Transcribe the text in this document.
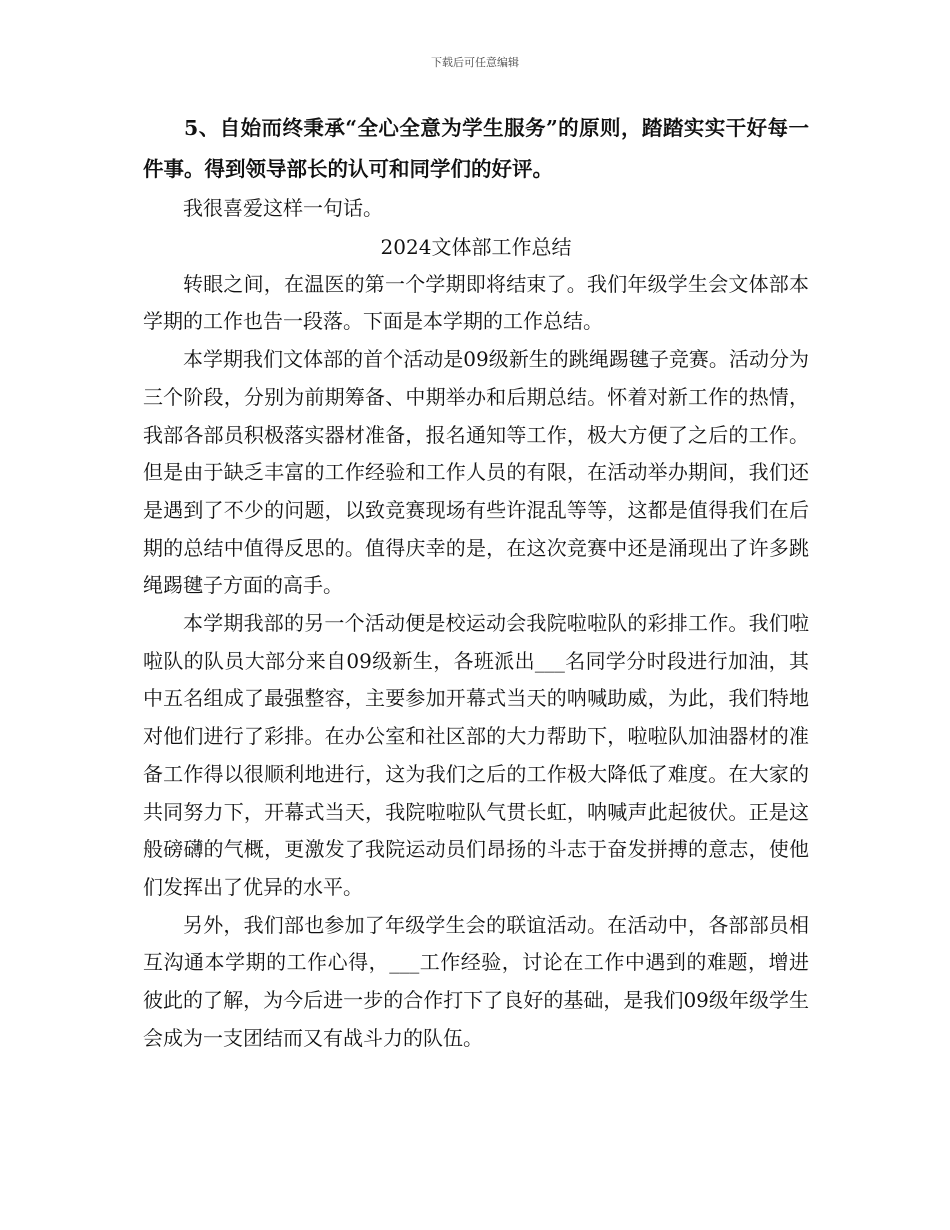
下载后可任意编辑

5、自始而终秉承“全心全意为学生服务”的原则，踏踏实实干好每一件事。得到领导部长的认可和同学们的好评。

我很喜爱这样一句话。

2024文体部工作总结

转眼之间，在温医的第一个学期即将结束了。我们年级学生会文体部本学期的工作也告一段落。下面是本学期的工作总结。

本学期我们文体部的首个活动是09级新生的跳绳踢毽子竞赛。活动分为三个阶段，分别为前期筹备、中期举办和后期总结。怀着对新工作的热情，我部各部员积极落实器材准备，报名通知等工作，极大方便了之后的工作。但是由于缺乏丰富的工作经验和工作人员的有限，在活动举办期间，我们还是遇到了不少的问题，以致竞赛现场有些许混乱等等，这都是值得我们在后期的总结中值得反思的。值得庆幸的是，在这次竞赛中还是涌现出了许多跳绳踢毽子方面的高手。

本学期我部的另一个活动便是校运动会我院啦啦队的彩排工作。我们啦啦队的队员大部分来自09级新生，各班派出___名同学分时段进行加油，其中五名组成了最强整容，主要参加开幕式当天的呐喊助威，为此，我们特地对他们进行了彩排。在办公室和社区部的大力帮助下，啦啦队加油器材的准备工作得以很顺利地进行，这为我们之后的工作极大降低了难度。在大家的共同努力下，开幕式当天，我院啦啦队气贯长虹，呐喊声此起彼伏。正是这般磅礴的气概，更激发了我院运动员们昂扬的斗志于奋发拼搏的意志，使他们发挥出了优异的水平。

另外，我们部也参加了年级学生会的联谊活动。在活动中，各部部员相互沟通本学期的工作心得，___工作经验，讨论在工作中遇到的难题，增进彼此的了解，为今后进一步的合作打下了良好的基础，是我们09级年级学生会成为一支团结而又有战斗力的队伍。
